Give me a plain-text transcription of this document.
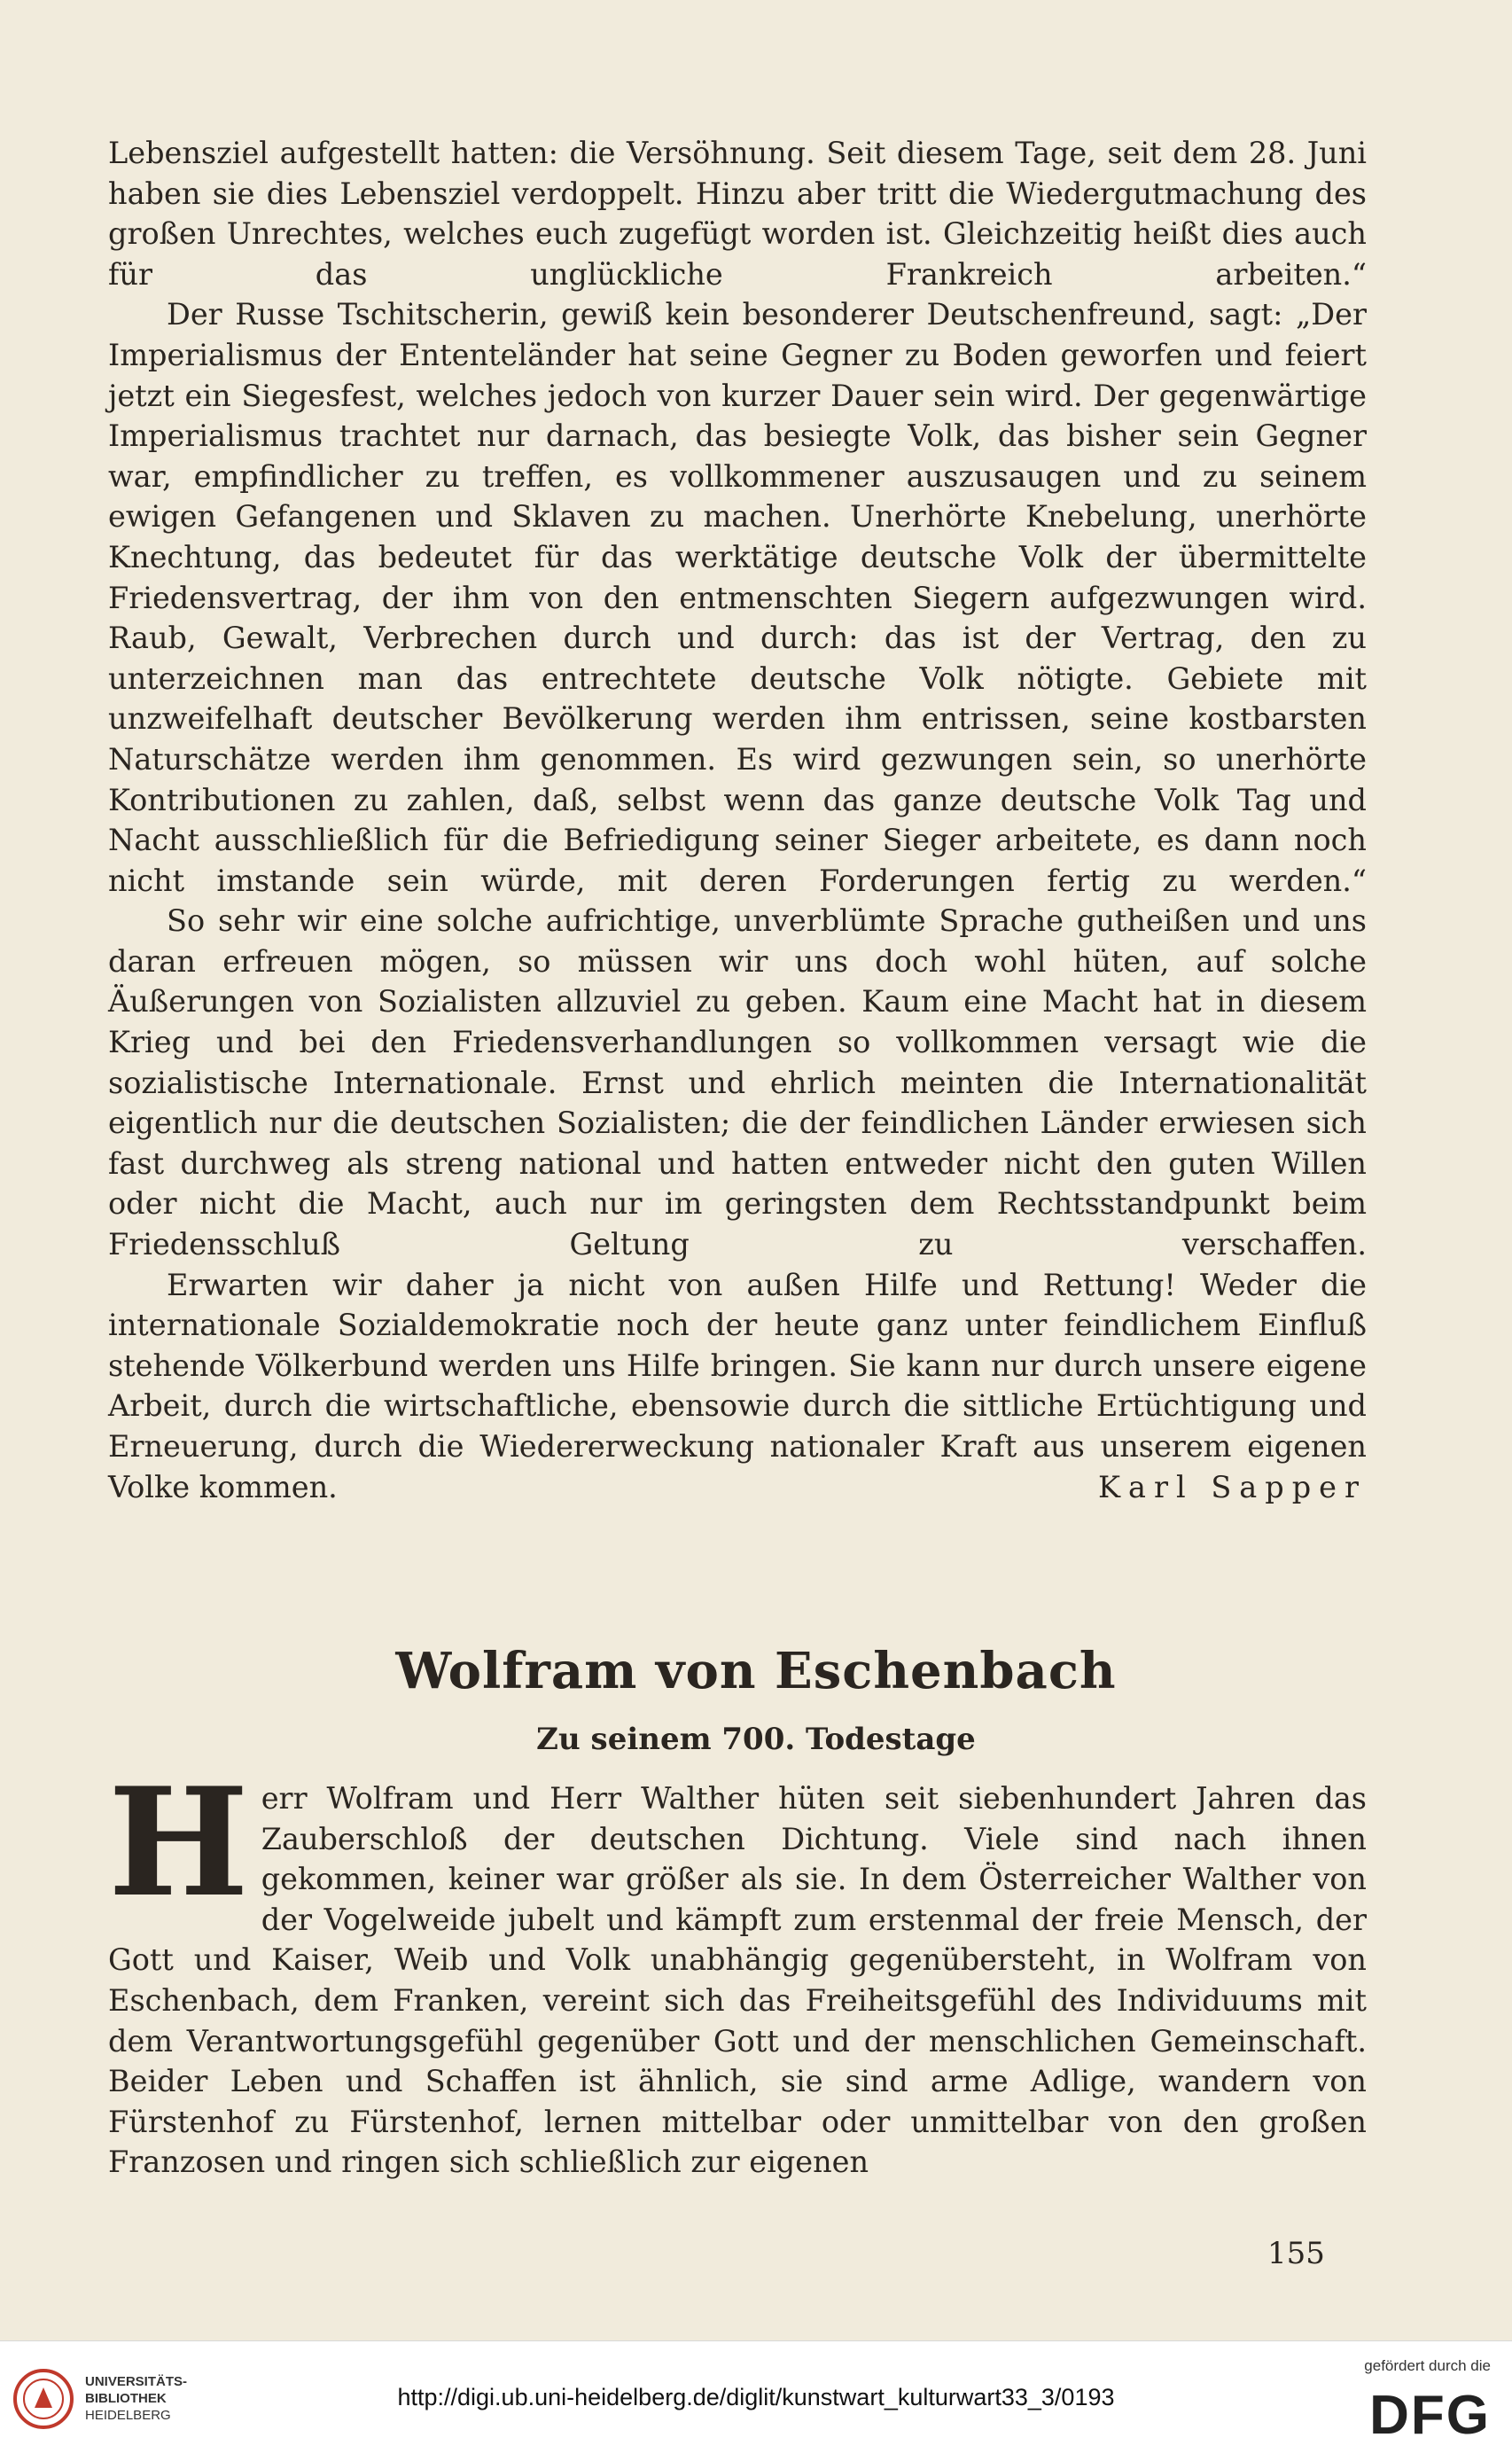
Lebensziel aufgestellt hatten: die Versöhnung. Seit diesem Tage, seit dem 28. Juni haben sie dies Lebensziel verdoppelt. Hinzu aber tritt die Wiedergutmachung des großen Unrechtes, welches euch zugefügt worden ist. Gleichzeitig heißt dies auch für das unglückliche Frankreich arbeiten.“

Der Russe Tschitscherin, gewiß kein besonderer Deutschenfreund, sagt: „Der Imperialismus der Ententeländer hat seine Gegner zu Boden geworfen und feiert jetzt ein Siegesfest, welches jedoch von kurzer Dauer sein wird. Der gegenwärtige Imperialismus trachtet nur darnach, das besiegte Volk, das bisher sein Gegner war, empfindlicher zu treffen, es vollkommener auszusaugen und zu seinem ewigen Gefangenen und Sklaven zu machen. Unerhörte Knebelung, unerhörte Knechtung, das bedeutet für das werktätige deutsche Volk der übermittelte Friedensvertrag, der ihm von den entmenschten Siegern aufgezwungen wird. Raub, Gewalt, Verbrechen durch und durch: das ist der Vertrag, den zu unterzeichnen man das entrechtete deutsche Volk nötigte. Gebiete mit unzweifelhaft deutscher Bevölkerung werden ihm entrissen, seine kostbarsten Naturschätze werden ihm genommen. Es wird gezwungen sein, so unerhörte Kontributionen zu zahlen, daß, selbst wenn das ganze deutsche Volk Tag und Nacht ausschließlich für die Befriedigung seiner Sieger arbeitete, es dann noch nicht imstande sein würde, mit deren Forderungen fertig zu werden.“

So sehr wir eine solche aufrichtige, unverblümte Sprache gutheißen und uns daran erfreuen mögen, so müssen wir uns doch wohl hüten, auf solche Äußerungen von Sozialisten allzuviel zu geben. Kaum eine Macht hat in diesem Krieg und bei den Friedensverhandlungen so vollkommen versagt wie die sozialistische Internationale. Ernst und ehrlich meinten die Internationalität eigentlich nur die deutschen Sozialisten; die der feindlichen Länder erwiesen sich fast durchweg als streng national und hatten entweder nicht den guten Willen oder nicht die Macht, auch nur im geringsten dem Rechtsstandpunkt beim Friedensschluß Geltung zu verschaffen.

Erwarten wir daher ja nicht von außen Hilfe und Rettung! Weder die internationale Sozialdemokratie noch der heute ganz unter feindlichem Einfluß stehende Völkerbund werden uns Hilfe bringen. Sie kann nur durch unsere eigene Arbeit, durch die wirtschaftliche, ebensowie durch die sittliche Ertüchtigung und Erneuerung, durch die Wiedererweckung nationaler Kraft aus unserem eigenen Volke kommen.	Karl Sapper

Wolfram von Eschenbach
Zu seinem 700. Todestage

Herr Wolfram und Herr Walther hüten seit siebenhundert Jahren das Zauberschloß der deutschen Dichtung. Viele sind nach ihnen gekommen, keiner war größer als sie. In dem Österreicher Walther von der Vogelweide jubelt und kämpft zum erstenmal der freie Mensch, der Gott und Kaiser, Weib und Volk unabhängig gegenübersteht, in Wolfram von Eschenbach, dem Franken, vereint sich das Freiheitsgefühl des Individuums mit dem Verantwortungsgefühl gegenüber Gott und der menschlichen Gemeinschaft. Beider Leben und Schaffen ist ähnlich, sie sind arme Adlige, wandern von Fürstenhof zu Fürstenhof, lernen mittelbar oder unmittelbar von den großen Franzosen und ringen sich schließlich zur eigenen

155
UNIVERSITÄTS-
BIBLIOTHEK
HEIDELBERG
http://digi.ub.uni-heidelberg.de/diglit/kunstwart_kulturwart33_3/0193
gefördert durch die
DFG
